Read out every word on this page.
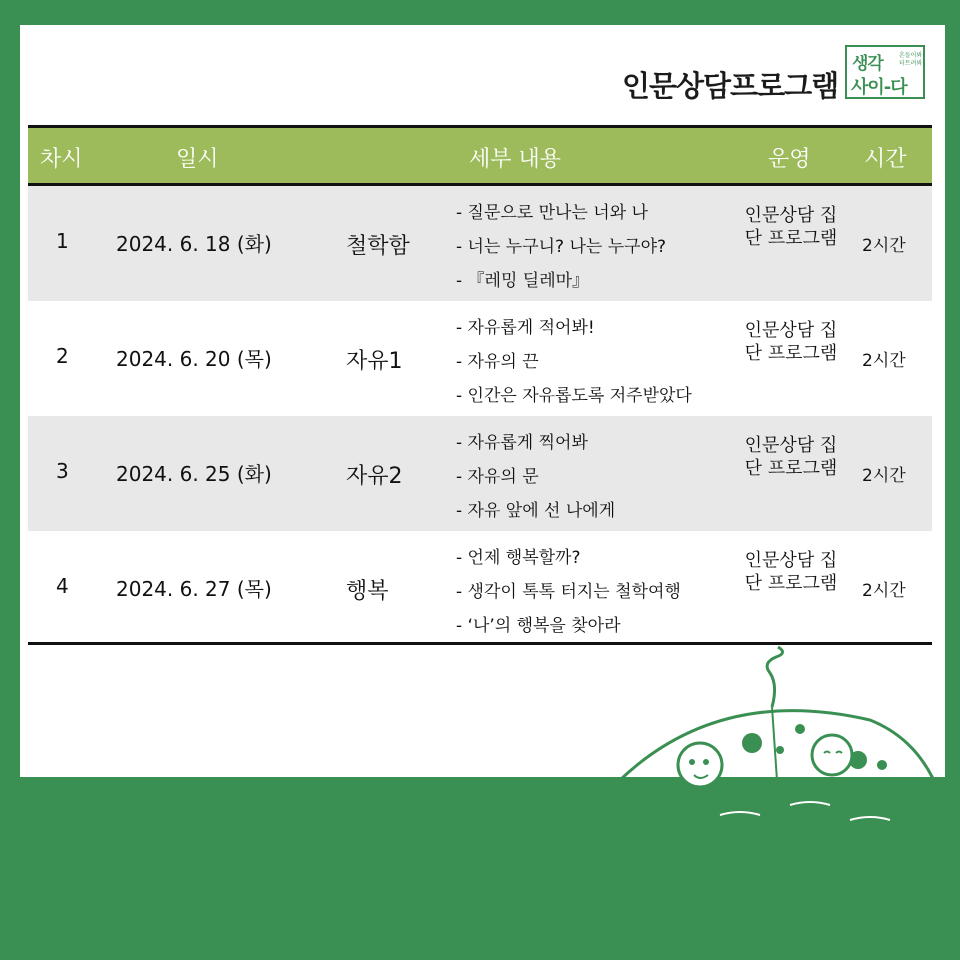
인문상담프로그램
생각	흔들어봐! 터트려봐!
사이-다
차시	일시	세부 내용	운영 시간
1 2024. 6. 18 (화)	철학함
- 질문으로 만나는 너와 나
- 너는 누구니? 나는 누구야?
- 『레밍 딜레마』
인문상담 집단 프로그램 2시간
2 2024. 6. 20 (목)	자유1
- 자유롭게 적어봐!
- 자유의 끈
- 인간은 자유롭도록 저주받았다
인문상담 집단 프로그램 2시간
3 2024. 6. 25 (화)	자유2
- 자유롭게 찍어봐
- 자유의 문
- 자유 앞에 선 나에게
인문상담 집단 프로그램 2시간
4 2024. 6. 27 (목)	행복
- 언제 행복할까?
- 생각이 톡톡 터지는 철학여행
- ‘나’의 행복을 찾아라
인문상담 집단 프로그램 2시간
